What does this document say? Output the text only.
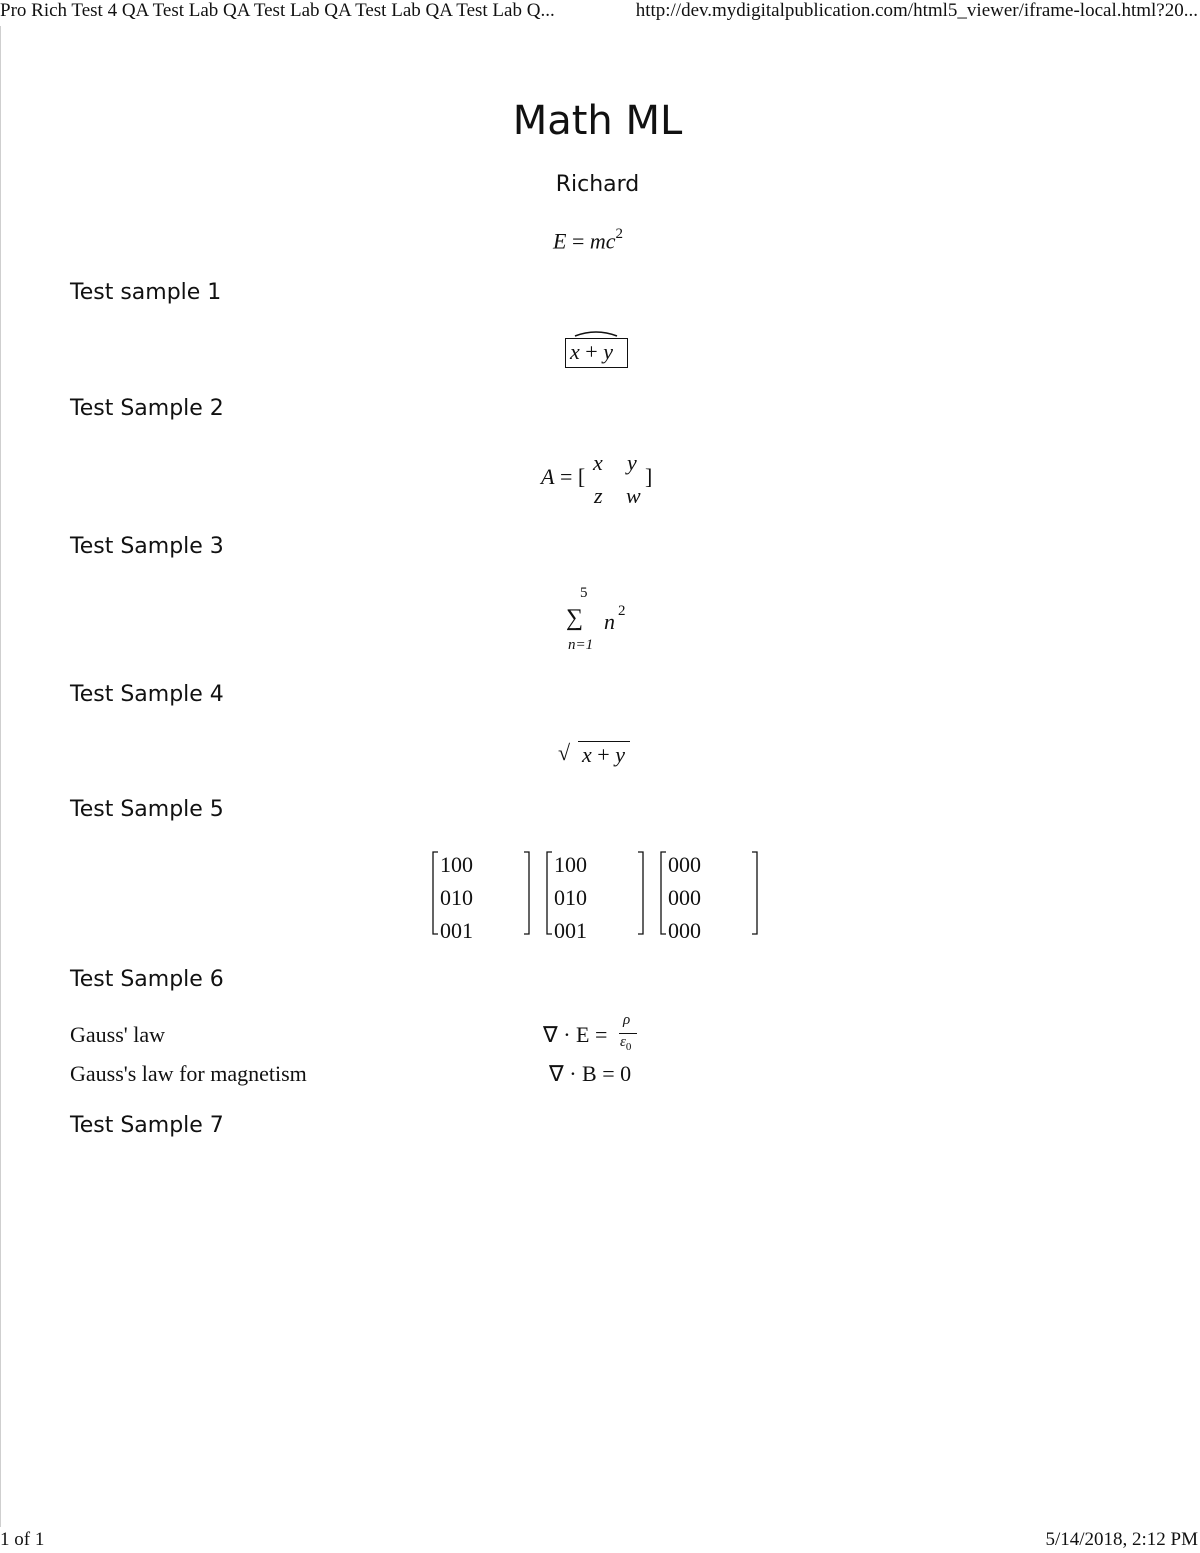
Pro Rich Test 4 QA Test Lab QA Test Lab QA Test Lab QA Test Lab Q...	http://dev.mydigitalpublication.com/html5_viewer/iframe-local.html?20...
Math ML
Richard
$E = mc^2$
Test sample 1
Test Sample 2
Test Sample 3
Test Sample 4
Test Sample 5
Test Sample 6
Test Sample 7
x + y
A = [
x y
z w
]
5
∑
n=1
n 2
√ x + y
1	0	0
0	1	0
0	0	1
1	0	0
0	1	0
0	0	1
0	0	0
0	0	0
0	0	0
Gauss' law	∇ · E =
ρ
$\varepsilon_0$
Gauss's law for magnetism	∇ · B = 0
1 of 1	5/14/2018, 2:12 PM
